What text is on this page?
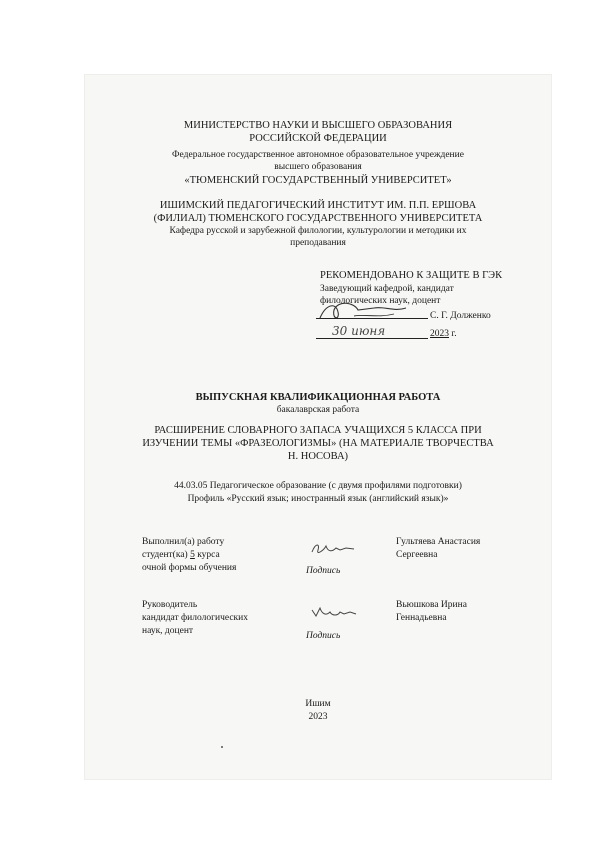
МИНИСТЕРСТВО НАУКИ И ВЫСШЕГО ОБРАЗОВАНИЯ
РОССИЙСКОЙ ФЕДЕРАЦИИ
Федеральное государственное автономное образовательное учреждение
высшего образования
«ТЮМЕНСКИЙ ГОСУДАРСТВЕННЫЙ УНИВЕРСИТЕТ»
ИШИМСКИЙ ПЕДАГОГИЧЕСКИЙ ИНСТИТУТ ИМ. П.П. ЕРШОВА
(ФИЛИАЛ) ТЮМЕНСКОГО ГОСУДАРСТВЕННОГО УНИВЕРСИТЕТА
Кафедра русской и зарубежной филологии, культурологии и методики их
преподавания
РЕКОМЕНДОВАНО К ЗАЩИТЕ В ГЭК
Заведующий кафедрой, кандидат
филологических наук, доцент
С. Г. Долженко
30 июня	2023 г.
ВЫПУСКНАЯ КВАЛИФИКАЦИОННАЯ РАБОТА
бакалаврская работа
РАСШИРЕНИЕ СЛОВАРНОГО ЗАПАСА УЧАЩИХСЯ 5 КЛАССА ПРИ
ИЗУЧЕНИИ ТЕМЫ «ФРАЗЕОЛОГИЗМЫ» (НА МАТЕРИАЛЕ ТВОРЧЕСТВА
Н. НОСОВА)
44.03.05 Педагогическое образование (с двумя профилями подготовки)
Профиль «Русский язык; иностранный язык (английский язык)»
Выполнил(а) работу
студент(ка) 5 курса
очной формы обучения	Подпись
Гультяева Анастасия
Сергеевна
Руководитель
кандидат филологических
наук, доцент	Подпись
Вьюшкова Ирина
Геннадьевна
Ишим
2023
